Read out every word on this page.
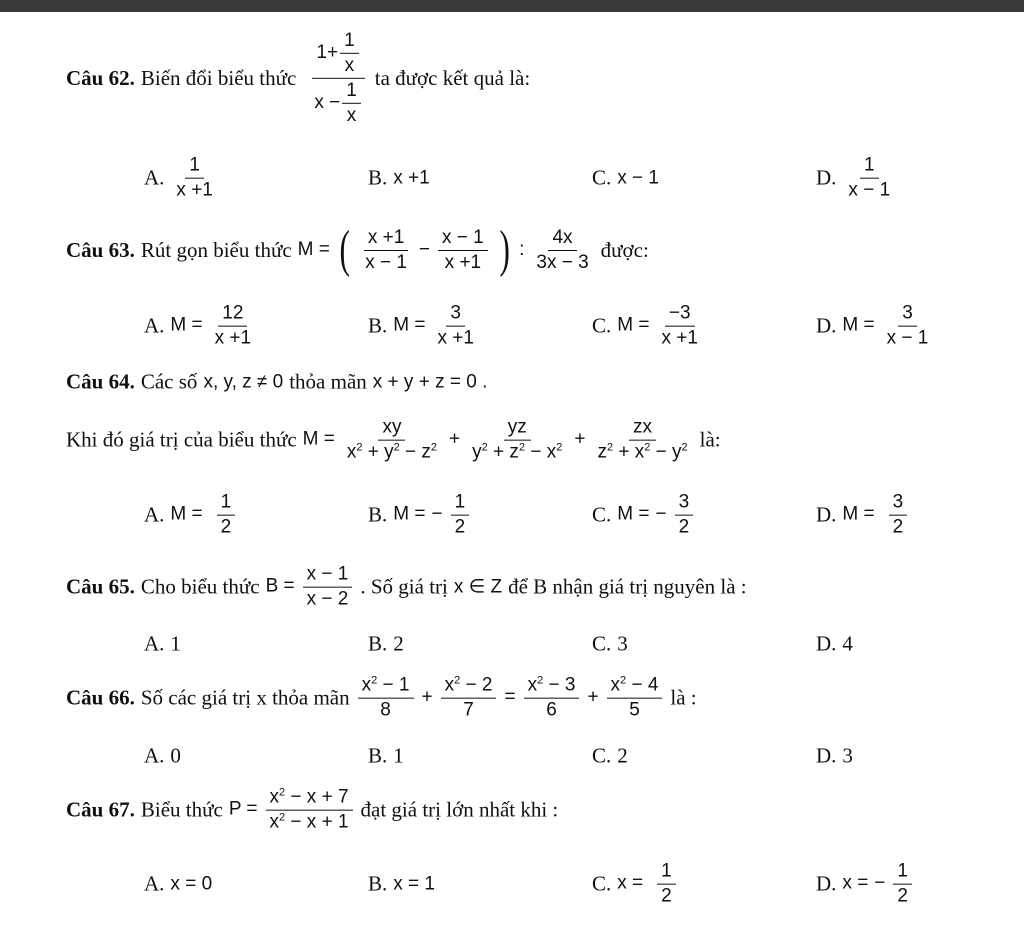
Câu 62. Biến đổi biểu thức $\frac{1+ \frac{1}{x}}{x - \frac{1}{x}}$ ta được kết quả là:
A. $\frac{1}{x +1}$	B. x +1	C. x − 1	D. $\frac{1}{x - 1}$
Câu 63. Rút gọn biểu thức M = ( $\frac{x +1}{x - 1} - \frac{x - 1}{x +1}$ ) : $\frac{4x}{3x - 3}$ được:
A. $M = \frac{12}{x +1}$	B. $M = \frac{3}{x +1}$	C. $M = \frac{-3}{x +1}$	D. $M = \frac{3}{x - 1}$
Câu 64. Các số x, y, z ≠ 0 thỏa mãn x + y + z = 0 .
Khi đó giá trị của biểu thức $M = \frac{xy}{x^2 + y^2 - z^2} + \frac{yz}{y^2 + z^2 - x^2} + \frac{zx}{z^2 + x^2 - y^2}$ là:
A. $M = \frac{1}{2}$	B. M = − $\frac{1}{2}$	C. M = − $\frac{3}{2}$	D. $M = \frac{3}{2}$
Câu 65. Cho biểu thức $B = \frac{x - 1}{x - 2}$ . Số giá trị x ∈ Z để B nhận giá trị nguyên là :
A. 1	B. 2	C. 3	D. 4
Câu 66. Số các giá trị x thỏa mãn $\frac{x^2 - 1}{8} + \frac{x^2 - 2}{7} = \frac{x^2 - 3}{6} + \frac{x^2 - 4}{5}$ là :
A. 0	B. 1	C. 2	D. 3
Câu 67. Biểu thức $P = \frac{x^2 - x + 7}{x^2 - x + 1}$ đạt giá trị lớn nhất khi :
A. x = 0	B. x = 1	C. $x = \frac{1}{2}$	D. x = − $\frac{1}{2}$
